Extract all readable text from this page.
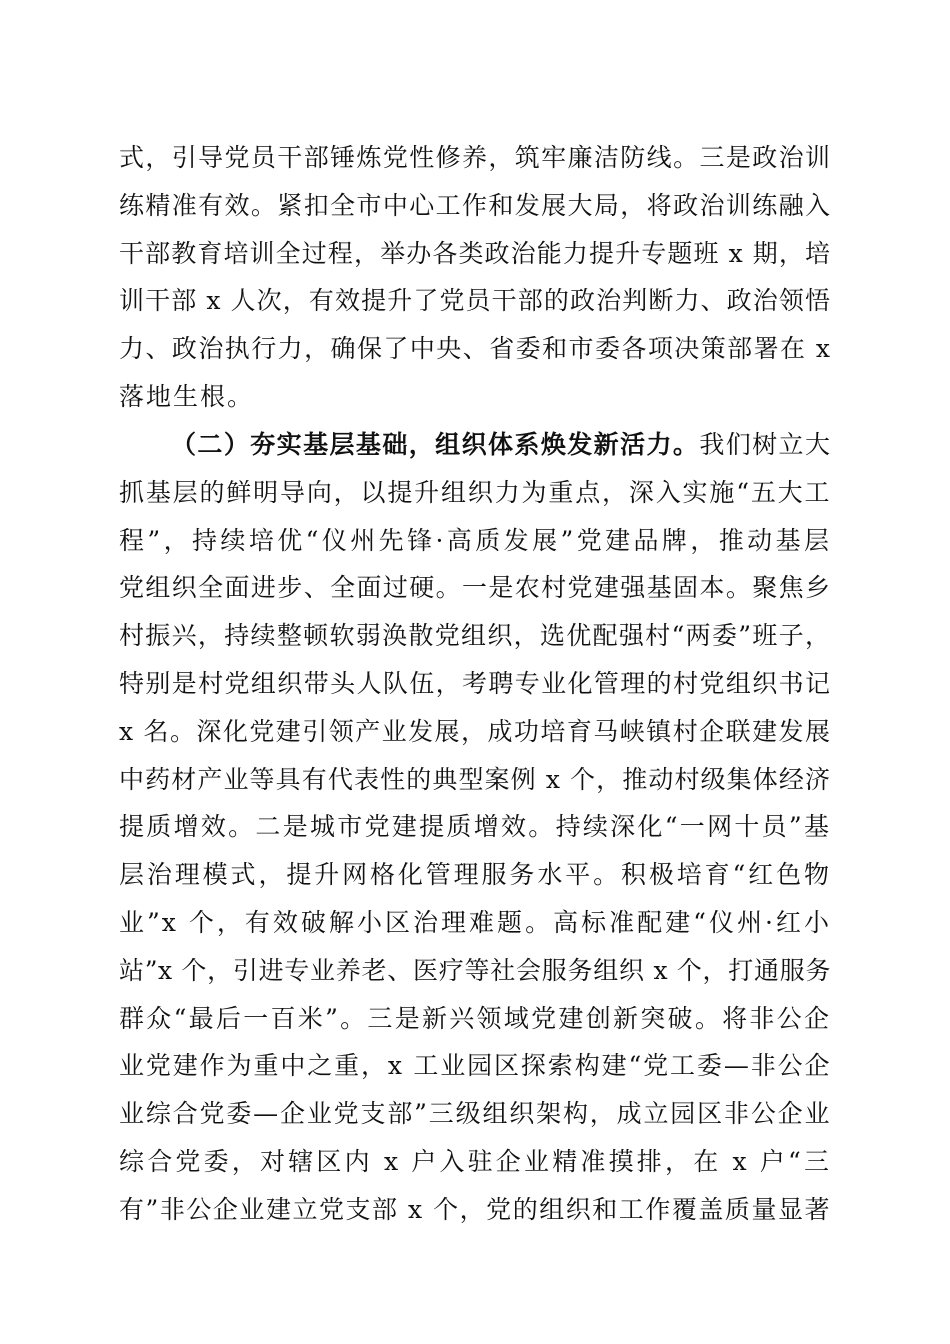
式，引导党员干部锤炼党性修养，筑牢廉洁防线。三是政治训
练精准有效。紧扣全市中心工作和发展大局，将政治训练融入
干部教育培训全过程，举办各类政治能力提升专题班 x 期，培
训干部 x 人次，有效提升了党员干部的政治判断力、政治领悟
力、政治执行力，确保了中央、省委和市委各项决策部署在 x
落地生根。
（二）夯实基层基础，组织体系焕发新活力。我们树立大
抓基层的鲜明导向，以提升组织力为重点，深入实施“五大工
程”，持续培优“仪州先锋·高质发展”党建品牌，推动基层
党组织全面进步、全面过硬。一是农村党建强基固本。聚焦乡
村振兴，持续整顿软弱涣散党组织，选优配强村“两委”班子，
特别是村党组织带头人队伍，考聘专业化管理的村党组织书记
x 名。深化党建引领产业发展，成功培育马峡镇村企联建发展
中药材产业等具有代表性的典型案例 x 个，推动村级集体经济
提质增效。二是城市党建提质增效。持续深化“一网十员”基
层治理模式，提升网格化管理服务水平。积极培育“红色物
业”x 个，有效破解小区治理难题。高标准配建“仪州·红小
站”x 个，引进专业养老、医疗等社会服务组织 x 个，打通服务
群众“最后一百米”。三是新兴领域党建创新突破。将非公企
业党建作为重中之重，x 工业园区探索构建“党工委—非公企
业综合党委—企业党支部”三级组织架构，成立园区非公企业
综合党委，对辖区内 x 户入驻企业精准摸排，在 x 户“三
有”非公企业建立党支部 x 个，党的组织和工作覆盖质量显著
